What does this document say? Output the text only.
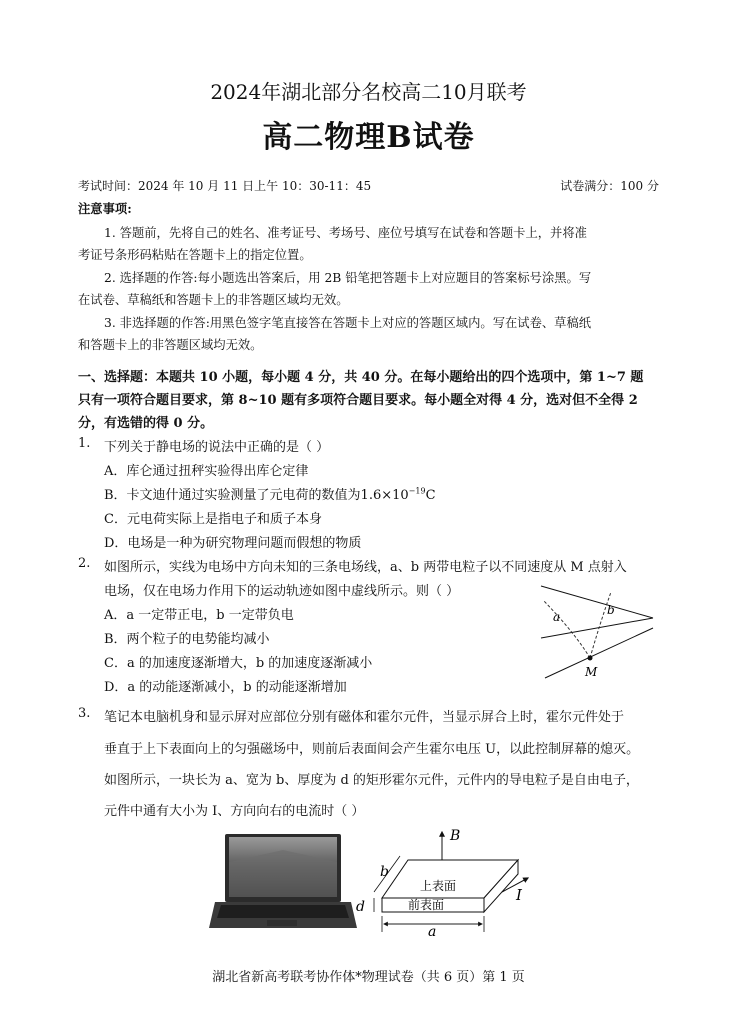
2024年湖北部分名校高二10月联考
高二物理B试卷
考试时间：2024 年 10 月 11 日上午 10：30-11：45	试卷满分：100 分
注意事项:
1. 答题前，先将自己的姓名、准考证号、考场号、座位号填写在试卷和答题卡上，并将准
考证号条形码粘贴在答题卡上的指定位置。
2. 选择题的作答:每小题选出答案后，用 2B 铅笔把答题卡上对应题目的答案标号涂黑。写
在试卷、草稿纸和答题卡上的非答题区域均无效。
3. 非选择题的作答:用黑色签字笔直接答在答题卡上对应的答题区域内。写在试卷、草稿纸
和答题卡上的非答题区域均无效。
一、选择题：本题共 10 小题，每小题 4 分，共 40 分。在每小题给出的四个选项中，第 1~7 题
只有一项符合题目要求，第 8~10 题有多项符合题目要求。每小题全对得 4 分，选对但不全得 2
分，有选错的得 0 分。
1. 下列关于静电场的说法中正确的是（ ）
A．库仑通过扭秤实验得出库仑定律
B．卡文迪什通过实验测量了元电荷的数值为$1.6\times 10^{-19}C$
C．元电荷实际上是指电子和质子本身
D．电场是一种为研究物理问题而假想的物质
2. 如图所示，实线为电场中方向未知的三条电场线，a、b 两带电粒子以不同速度从 M 点射入
电场，仅在电场力作用下的运动轨迹如图中虚线所示。则（ ）
A．a 一定带正电，b 一定带负电
B．两个粒子的电势能均减小
C．a 的加速度逐渐增大，b 的加速度逐渐减小
D．a 的动能逐渐减小，b 的动能逐渐增加
a	b
M
3. 笔记本电脑机身和显示屏对应部位分别有磁体和霍尔元件，当显示屏合上时，霍尔元件处于
垂直于上下表面向上的匀强磁场中，则前后表面间会产生霍尔电压 U，以此控制屏幕的熄灭。
如图所示，一块长为 a、宽为 b、厚度为 d 的矩形霍尔元件，元件内的导电粒子是自由电子，
元件中通有大小为 I、方向向右的电流时（ ）
B
上表面
前表面
I
b
d
a
湖北省新高考联考协作体*物理试卷（共 6 页）第 1 页
